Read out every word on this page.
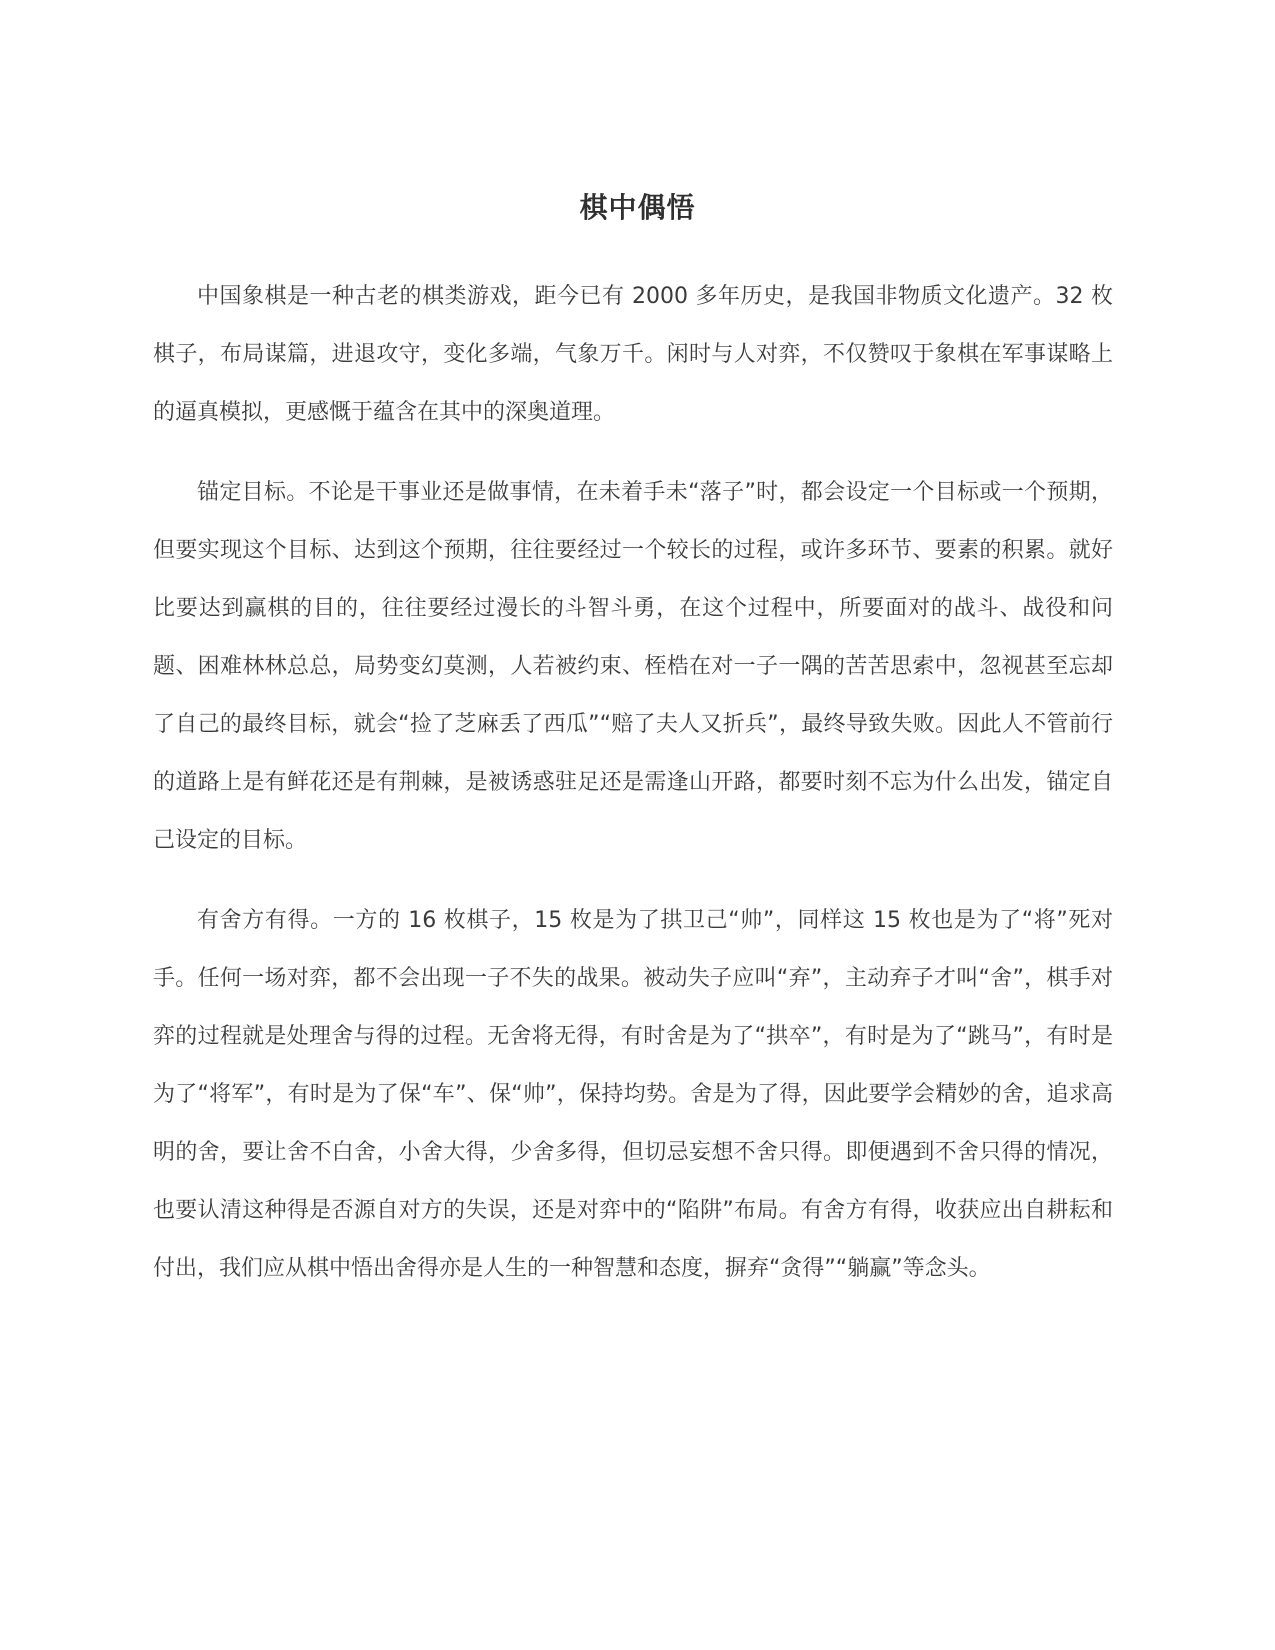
棋中偶悟

中国象棋是一种古老的棋类游戏，距今已有 2000 多年历史，是我国非物质文化遗产。32 枚棋子，布局谋篇，进退攻守，变化多端，气象万千。闲时与人对弈，不仅赞叹于象棋在军事谋略上的逼真模拟，更感慨于蕴含在其中的深奥道理。

锚定目标。不论是干事业还是做事情，在未着手未“落子”时，都会设定一个目标或一个预期，但要实现这个目标、达到这个预期，往往要经过一个较长的过程，或许多环节、要素的积累。就好比要达到赢棋的目的，往往要经过漫长的斗智斗勇，在这个过程中，所要面对的战斗、战役和问题、困难林林总总，局势变幻莫测，人若被约束、桎梏在对一子一隅的苦苦思索中，忽视甚至忘却了自己的最终目标，就会“捡了芝麻丢了西瓜”“赔了夫人又折兵”，最终导致失败。因此人不管前行的道路上是有鲜花还是有荆棘，是被诱惑驻足还是需逢山开路，都要时刻不忘为什么出发，锚定自己设定的目标。

有舍方有得。一方的 16 枚棋子，15 枚是为了拱卫己“帅”，同样这 15 枚也是为了“将”死对手。任何一场对弈，都不会出现一子不失的战果。被动失子应叫“弃”，主动弃子才叫“舍”，棋手对弈的过程就是处理舍与得的过程。无舍将无得，有时舍是为了“拱卒”，有时是为了“跳马”，有时是为了“将军”，有时是为了保“车”、保“帅”，保持均势。舍是为了得，因此要学会精妙的舍，追求高明的舍，要让舍不白舍，小舍大得，少舍多得，但切忌妄想不舍只得。即便遇到不舍只得的情况，也要认清这种得是否源自对方的失误，还是对弈中的“陷阱”布局。有舍方有得，收获应出自耕耘和付出，我们应从棋中悟出舍得亦是人生的一种智慧和态度，摒弃“贪得”“躺赢”等念头。
